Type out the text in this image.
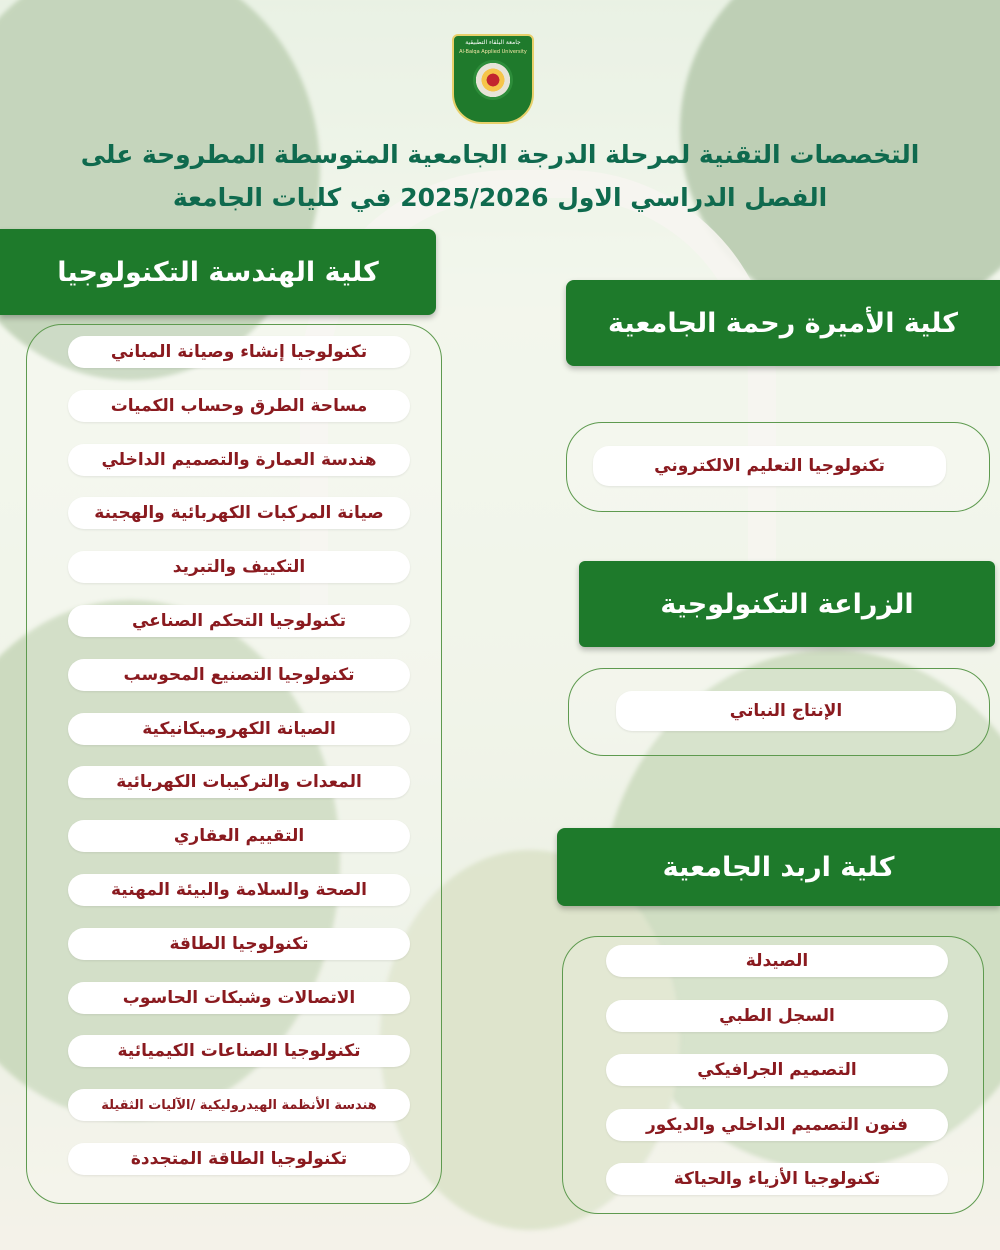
جامعة البلقاء التطبيقية
Al-Balqa Applied University
التخصصات التقنية لمرحلة الدرجة الجامعية المتوسطة المطروحة على
الفصل الدراسي الاول 2025/2026 في كليات الجامعة
كلية الهندسة التكنولوجيا
تكنولوجيا إنشاء وصيانة المباني
مساحة الطرق وحساب الكميات
هندسة العمارة والتصميم الداخلي
صيانة المركبات الكهربائية والهجينة
التكييف والتبريد
تكنولوجيا التحكم الصناعي
تكنولوجيا التصنيع المحوسب
الصيانة الكهروميكانيكية
المعدات والتركيبات الكهربائية
التقييم العقاري
الصحة والسلامة والبيئة المهنية
تكنولوجيا الطاقة
الاتصالات وشبكات الحاسوب
تكنولوجيا الصناعات الكيميائية
هندسة الأنظمة الهيدروليكية /الآليات الثقيلة
تكنولوجيا الطاقة المتجددة
كلية الأميرة رحمة الجامعية
تكنولوجيا التعليم الالكتروني
الزراعة التكنولوجية
الإنتاج النباتي
كلية اربد الجامعية
الصيدلة
السجل الطبي
التصميم الجرافيكي
فنون التصميم الداخلي والديكور
تكنولوجيا الأزياء والحياكة
